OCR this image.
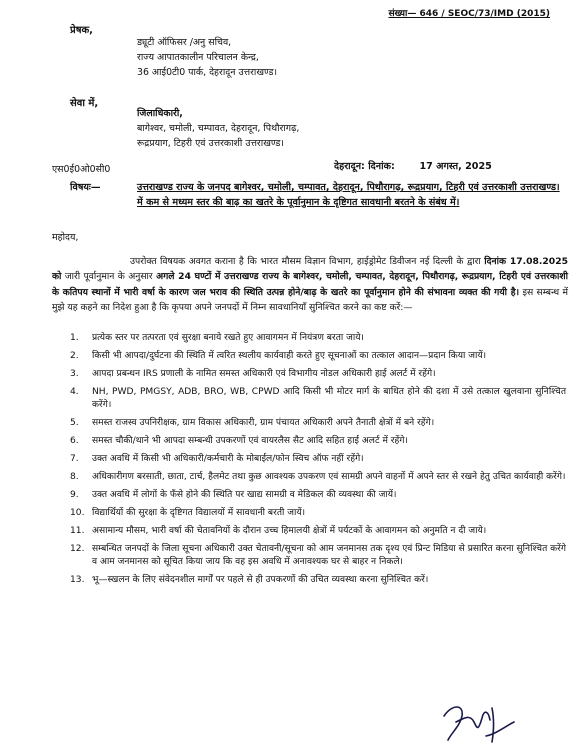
संख्या— 646 / SEOC/73/IMD (2015)
प्रेषक,
ड्यूटी ऑफिसर /अनु सचिव,
राज्य आपातकालीन परिचालन केन्द्र,
36 आई0टी0 पार्क, देहरादून उत्तराखण्ड।
सेवा में,
जिलाधिकारी,
बागेश्वर, चमोली, चम्पावत, देहरादून, पिथौरागढ़,
रूद्रप्रयाग, टिहरी एवं उत्तरकाशी उत्तराखण्ड।
एस0ई0ओ0सी0	देहरादून: दिनांक:	17 अगस्त, 2025
विषयः—	उत्तराखण्ड राज्य के जनपद बागेश्वर, चमोली, चम्पावत, देहरादून, पिथौरागढ़, रूद्रप्रयाग, टिहरी एवं उत्तरकाशी उत्तराखण्ड। में कम से मध्यम स्तर की बाढ़ का खतरे के पूर्वानुमान के दृष्टिगत सावधानी बरतने के संबंध में।
महोदय,
उपरोक्त विषयक अवगत कराना है कि भारत मौसम विज्ञान विभाग, हाईड्रोमेट डिवीजन नई दिल्ली के द्वारा दिनांक 17.08.2025 को जारी पूर्वानुमान के अनुसार अगले 24 घण्टों में उत्तराखण्ड राज्य के बागेश्वर, चमोली, चम्पावत, देहरादून, पिथौरागढ़, रूद्रप्रयाग, टिहरी एवं उत्तरकाशी के कतिपय स्थानों में भारी वर्षा के कारण जल भराव की स्थिति उत्पन्न होने/बाढ़ के खतरे का पूर्वानुमान होने की संभावना व्यक्त की गयी है। इस सम्बन्ध में मुझे यह कहने का निदेश हुआ है कि कृपया अपने जनपदों में निम्न सावधानियाँ सुनिश्चित करने का कष्ट करें:—
1. प्रत्येक स्तर पर तत्परता एवं सुरक्षा बनाये रखते हुए आवागमन में नियंत्रण बरता जाये।
2. किसी भी आपदा/दुर्घटना की स्थिति में त्वरित स्थलीय कार्यवाही करते हुए सूचनाओं का तत्काल आदान—प्रदान किया जायें।
3. आपदा प्रबन्धन IRS प्रणाली के नामित समस्त अधिकारी एवं विभागीय नोडल अधिकारी हाई अलर्ट में रहेंगे।
4. NH, PWD, PMGSY, ADB, BRO, WB, CPWD आदि किसी भी मोटर मार्ग के बाधित होने की दशा में उसे तत्काल खुलवाना सुनिश्चित करेंगे।
5. समस्त राजस्व उपनिरीक्षक, ग्राम विकास अधिकारी, ग्राम पंचायत अधिकारी अपने तैनाती क्षेत्रों में बने रहेंगे।
6. समस्त चौकी/थाने भी आपदा सम्बन्धी उपकरणों एवं वायरलैस सैट आदि सहित हाई अलर्ट में रहेंगे।
7. उक्त अवधि में किसी भी अधिकारी/कर्मचारी के मोबाईल/फोन स्विच ऑफ नहीं रहेंगे।
8. अधिकारीगण बरसाती, छाता, टार्च, हैलमेट तथा कुछ आवश्यक उपकरण एवं सामग्री अपने वाहनों में अपने स्तर से रखने हेतु उचित कार्यवाही करेंगे।
9. उक्त अवधि में लोगों के फँसे होने की स्थिति पर खाद्य सामग्री व मेडिकल की व्यवस्था की जायें।
10. विद्यार्थियों की सुरक्षा के दृष्टिगत विद्यालयों में सावधानी बरती जायें।
11. असामान्य मौसम, भारी वर्षा की चेतावनियों के दौरान उच्च हिमालयी क्षेत्रों में पर्यटकों के आवागमन को अनुमति न दी जाये।
12. सम्बन्धित जनपदों के जिला सूचना अधिकारी उक्त चेतावनी/सूचना को आम जनमानस तक दृश्य एवं प्रिन्ट मिडिया से प्रसारित करना सुनिश्चित करेंगे व आम जनमानस को सूचित किया जाय कि वह इस अवधि में अनावश्यक घर से बाहर न निकले।
13. भू—स्खलन के लिए संवेदनशील मार्गों पर पहले से ही उपकरणों की उचित व्यवस्था करना सुनिश्चित करें।
